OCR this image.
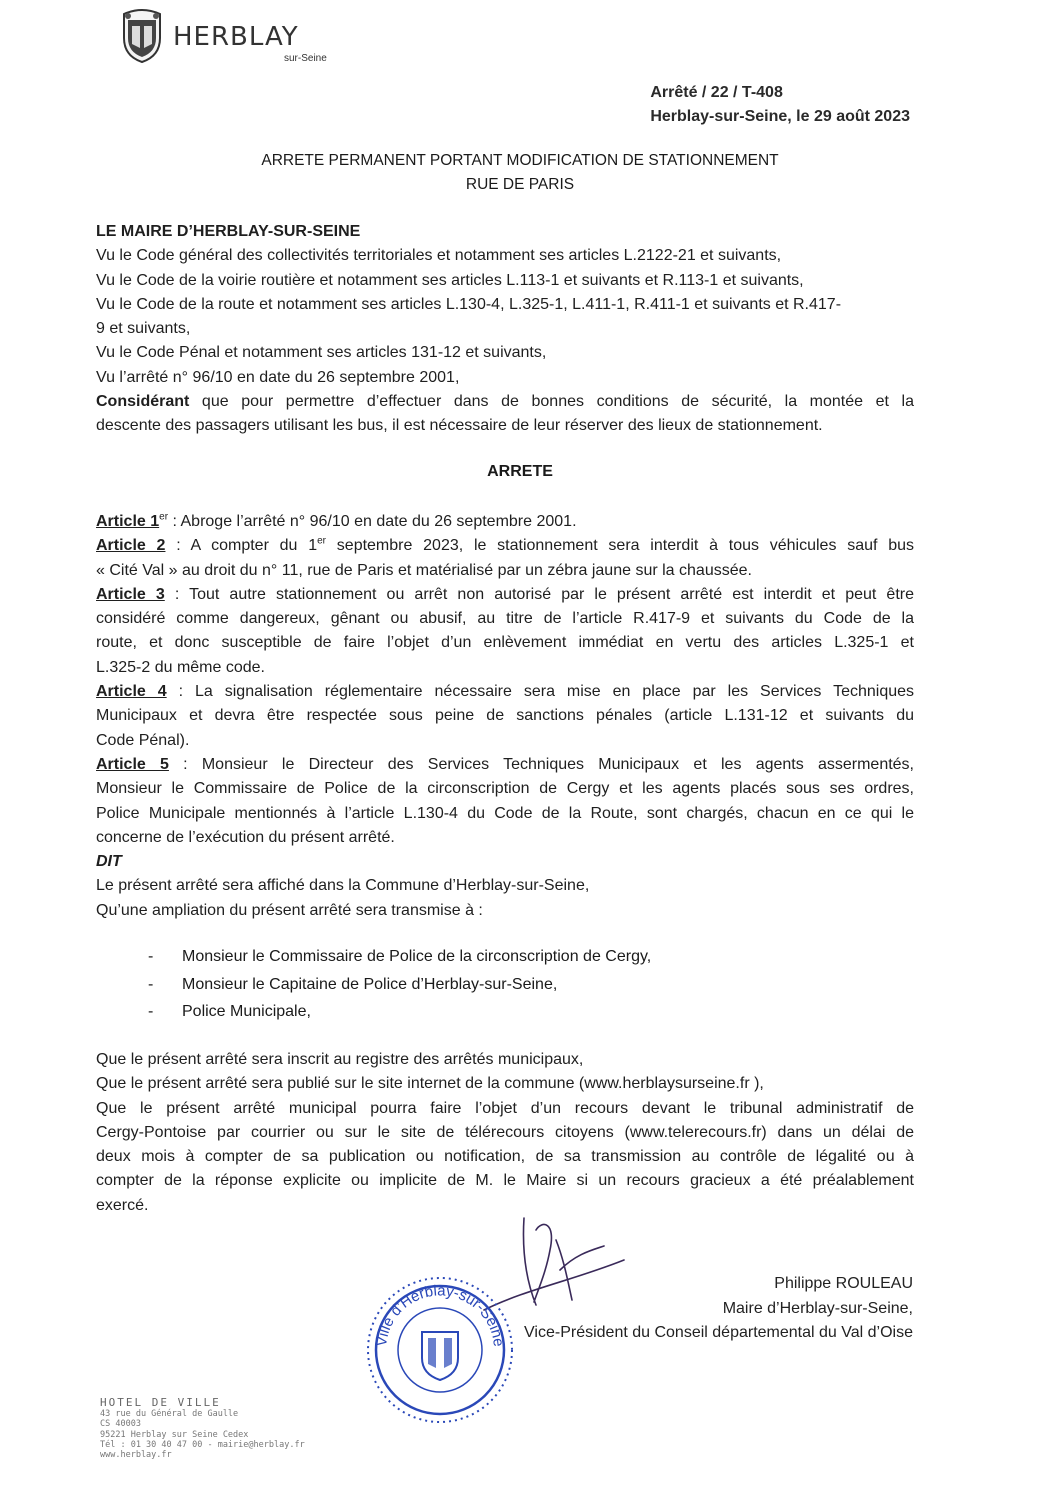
HERBLAY
sur-Seine
Arrêté / 22 / T-408
Herblay-sur-Seine, le 29 août 2023
ARRETE PERMANENT PORTANT MODIFICATION DE STATIONNEMENT
RUE DE PARIS
LE MAIRE D’HERBLAY-SUR-SEINE
Vu le Code général des collectivités territoriales et notamment ses articles L.2122-21 et suivants,
Vu le Code de la voirie routière et notamment ses articles L.113-1 et suivants et R.113-1 et suivants,
Vu le Code de la route et notamment ses articles L.130-4, L.325-1, L.411-1, R.411-1 et suivants et R.417-
9 et suivants,
Vu le Code Pénal et notamment ses articles 131-12 et suivants,
Vu l’arrêté n° 96/10 en date du 26 septembre 2001,
Considérant que pour permettre d’effectuer dans de bonnes conditions de sécurité, la montée et la
descente des passagers utilisant les bus, il est nécessaire de leur réserver des lieux de stationnement.
ARRETE
Article 1er : Abroge l’arrêté n° 96/10 en date du 26 septembre 2001.
Article 2 : A compter du 1er septembre 2023, le stationnement sera interdit à tous véhicules sauf bus
« Cité Val » au droit du n° 11, rue de Paris et matérialisé par un zébra jaune sur la chaussée.
Article 3 : Tout autre stationnement ou arrêt non autorisé par le présent arrêté est interdit et peut être
considéré comme dangereux, gênant ou abusif, au titre de l’article R.417-9 et suivants du Code de la
route, et donc susceptible de faire l’objet d’un enlèvement immédiat en vertu des articles L.325-1 et
L.325-2 du même code.
Article 4 : La signalisation réglementaire nécessaire sera mise en place par les Services Techniques
Municipaux et devra être respectée sous peine de sanctions pénales (article L.131-12 et suivants du
Code Pénal).
Article 5 : Monsieur le Directeur des Services Techniques Municipaux et les agents assermentés,
Monsieur le Commissaire de Police de la circonscription de Cergy et les agents placés sous ses ordres,
Police Municipale mentionnés à l’article L.130-4 du Code de la Route, sont chargés, chacun en ce qui le
concerne de l’exécution du présent arrêté.
DIT
Le présent arrêté sera affiché dans la Commune d’Herblay-sur-Seine,
Qu’une ampliation du présent arrêté sera transmise à :
- Monsieur le Commissaire de Police de la circonscription de Cergy,
- Monsieur le Capitaine de Police d’Herblay-sur-Seine,
- Police Municipale,
Que le présent arrêté sera inscrit au registre des arrêtés municipaux,
Que le présent arrêté sera publié sur le site internet de la commune (www.herblaysurseine.fr ),
Que le présent arrêté municipal pourra faire l’objet d’un recours devant le tribunal administratif de
Cergy-Pontoise par courrier ou sur le site de télérecours citoyens (www.telerecours.fr) dans un délai de
deux mois à compter de sa publication ou notification, de sa transmission au contrôle de légalité ou à
compter de la réponse explicite ou implicite de M. le Maire si un recours gracieux a été préalablement
exercé.
Ville d'Herblay-sur-Seine
Philippe ROULEAU
Maire d’Herblay-sur-Seine,
Vice-Président du Conseil départemental du Val d’Oise
HOTEL DE VILLE
43 rue du Général de Gaulle
CS 40003
95221 Herblay sur Seine Cedex
Tél : 01 30 40 47 00 - mairie@herblay.fr
www.herblay.fr
